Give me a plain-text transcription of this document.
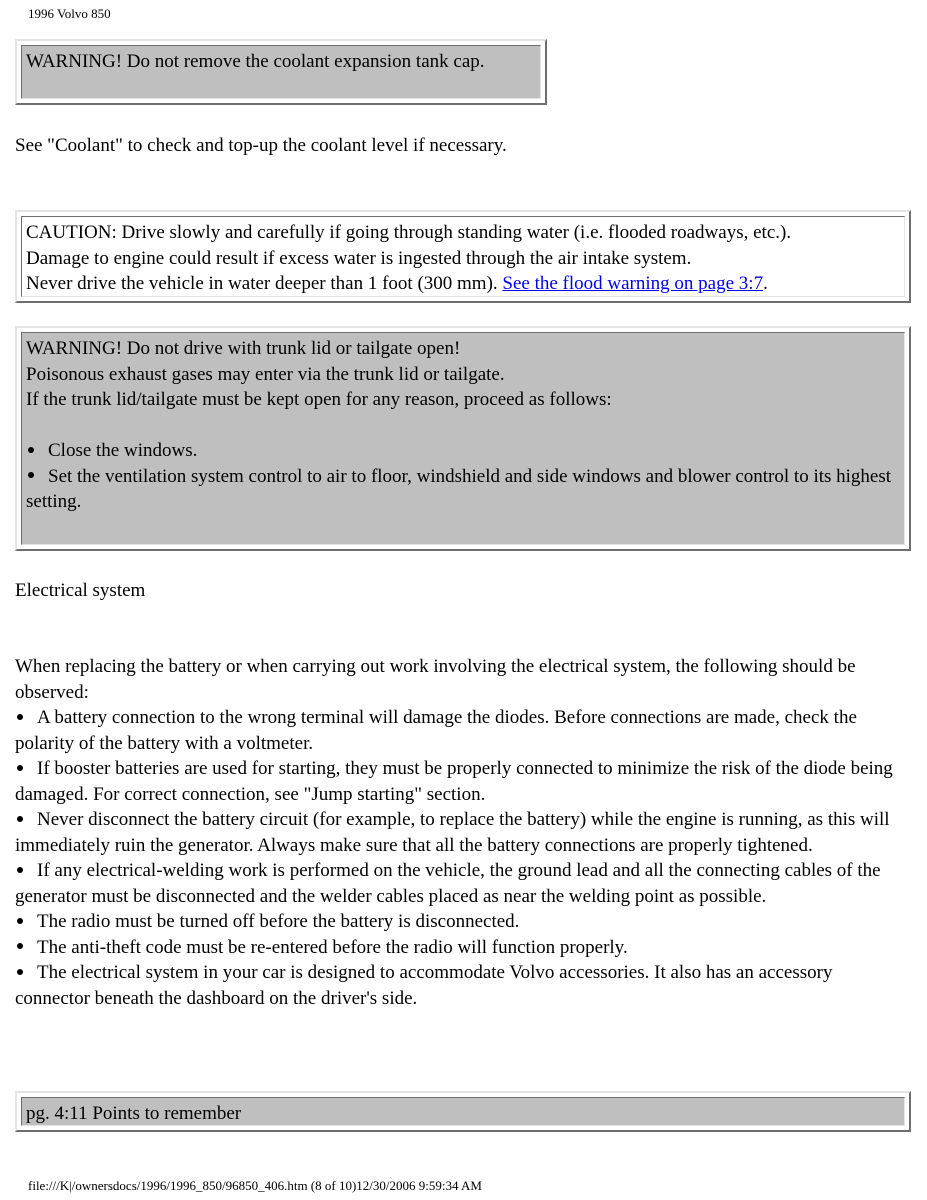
1996 Volvo 850
WARNING! Do not remove the coolant expansion tank cap.
See "Coolant" to check and top-up the coolant level if necessary.
CAUTION: Drive slowly and carefully if going through standing water (i.e. flooded roadways, etc.).
Damage to engine could result if excess water is ingested through the air intake system.
Never drive the vehicle in water deeper than 1 foot (300 mm). See the flood warning on page 3:7.
WARNING! Do not drive with trunk lid or tailgate open!
Poisonous exhaust gases may enter via the trunk lid or tailgate.
If the trunk lid/tailgate must be kept open for any reason, proceed as follows:
Close the windows.
Set the ventilation system control to air to floor, windshield and side windows and blower control to its highest setting.
Electrical system
When replacing the battery or when carrying out work involving the electrical system, the following should be observed:
A battery connection to the wrong terminal will damage the diodes. Before connections are made, check the polarity of the battery with a voltmeter.
If booster batteries are used for starting, they must be properly connected to minimize the risk of the diode being damaged. For correct connection, see "Jump starting" section.
Never disconnect the battery circuit (for example, to replace the battery) while the engine is running, as this will immediately ruin the generator. Always make sure that all the battery connections are properly tightened.
If any electrical-welding work is performed on the vehicle, the ground lead and all the connecting cables of the generator must be disconnected and the welder cables placed as near the welding point as possible.
The radio must be turned off before the battery is disconnected.
The anti-theft code must be re-entered before the radio will function properly.
The electrical system in your car is designed to accommodate Volvo accessories. It also has an accessory connector beneath the dashboard on the driver's side.
pg. 4:11 Points to remember
file:///K|/ownersdocs/1996/1996_850/96850_406.htm (8 of 10)12/30/2006 9:59:34 AM
